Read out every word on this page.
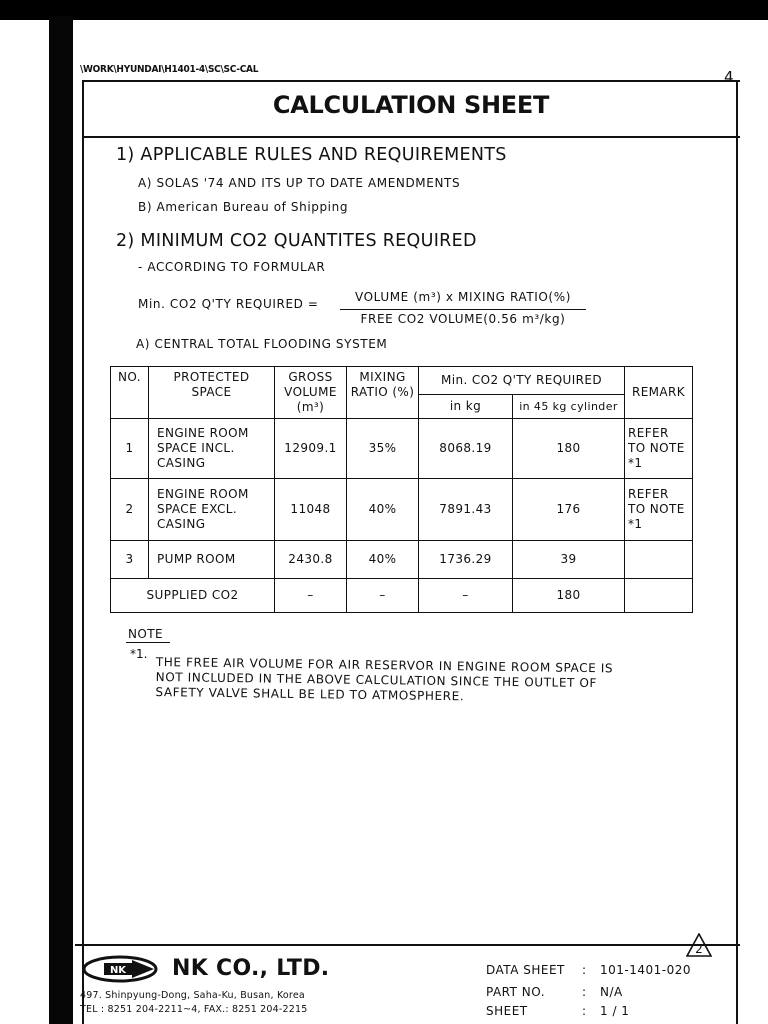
\WORK\HYUNDAI\H1401-4\SC\SC-CAL	4
CALCULATION SHEET
1) APPLICABLE RULES AND REQUIREMENTS
A) SOLAS '74 AND ITS UP TO DATE AMENDMENTS
B) American Bureau of Shipping
2) MINIMUM CO2 QUANTITES REQUIRED
- ACCORDING TO FORMULAR
Min. CO2 Q'TY REQUIRED =	VOLUME (m³) x MIXING RATIO(%)
FREE CO2 VOLUME(0.56 m³/kg)
A) CENTRAL TOTAL FLOODING SYSTEM
NO.	PROTECTED SPACE	GROSS VOLUME (m³)	MIXING RATIO (%)	Min. CO2 Q'TY REQUIRED		REMARK
				in kg	in 45 kg cylinder	
1	ENGINE ROOM SPACE INCL. CASING	12909.1	35%	8068.19	180	REFER TO NOTE *1
2	ENGINE ROOM SPACE EXCL. CASING	11048	40%	7891.43	176	REFER TO NOTE *1
3	PUMP ROOM	2430.8	40%	1736.29	39	
SUPPLIED CO2		–	–	–	180	
NOTE
*1.
THE FREE AIR VOLUME FOR AIR RESERVOR IN ENGINE ROOM SPACE IS
NOT INCLUDED IN THE ABOVE CALCULATION SINCE THE OUTLET OF
SAFETY VALVE SHALL BE LED TO ATMOSPHERE.
2
NK NK CO., LTD.
497. Shinpyung-Dong, Saha-Ku, Busan, Korea
TEL : 8251 204-2211~4, FAX.: 8251 204-2215
DATA SHEET : 101-1401-020
PART NO.	: N/A
SHEET	: 1 / 1
